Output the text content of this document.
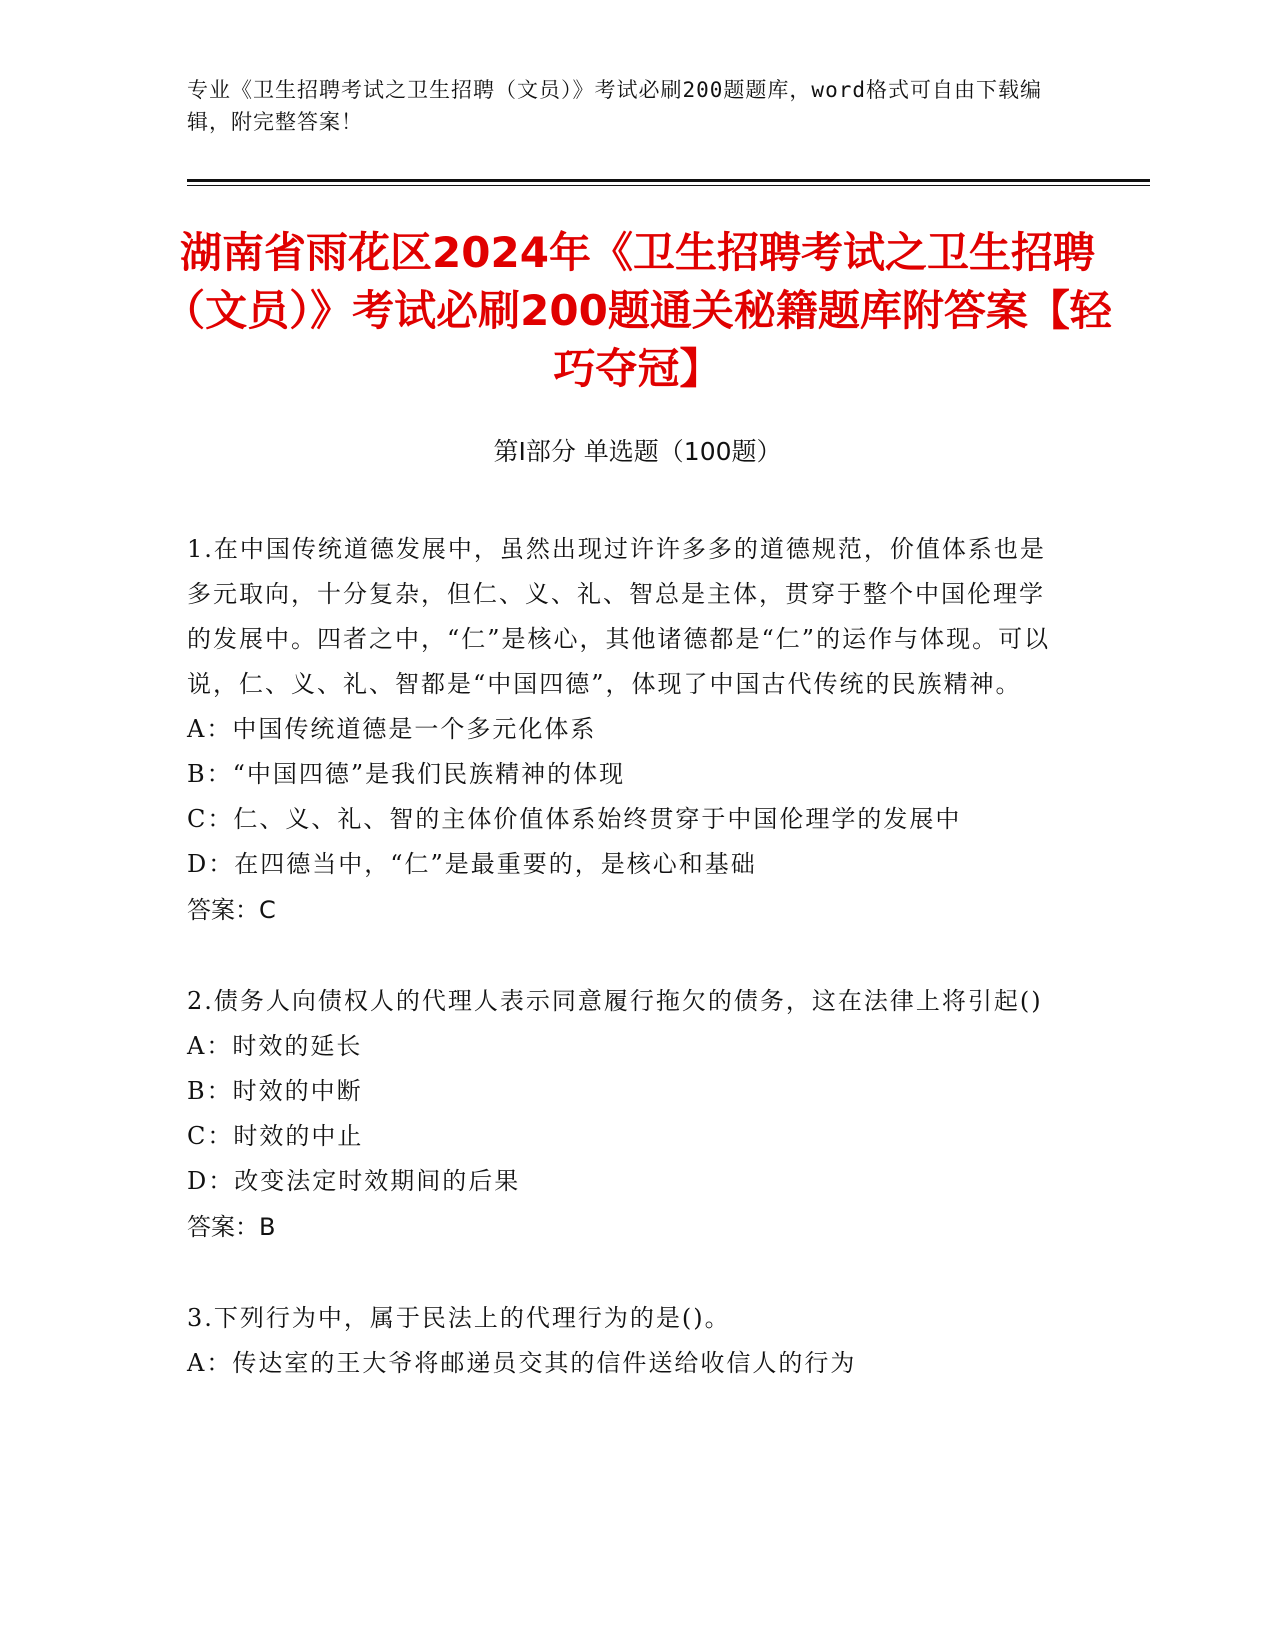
专业《卫生招聘考试之卫生招聘（文员）》考试必刷200题题库，word格式可自由下载编辑，附完整答案！
湖南省雨花区2024年《卫生招聘考试之卫生招聘（文员）》考试必刷200题通关秘籍题库附答案【轻巧夺冠】
第Ⅰ部分 单选题（100题）
1.在中国传统道德发展中，虽然出现过许许多多的道德规范，价值体系也是多元取向，十分复杂，但仁、义、礼、智总是主体，贯穿于整个中国伦理学的发展中。四者之中，“仁”是核心，其他诸德都是“仁”的运作与体现。可以说，仁、义、礼、智都是“中国四德”，体现了中国古代传统的民族精神。
A：中国传统道德是一个多元化体系
B：“中国四德”是我们民族精神的体现
C：仁、义、礼、智的主体价值体系始终贯穿于中国伦理学的发展中
D：在四德当中，“仁”是最重要的，是核心和基础
答案：C
2.债务人向债权人的代理人表示同意履行拖欠的债务，这在法律上将引起()
A：时效的延长
B：时效的中断
C：时效的中止
D：改变法定时效期间的后果
答案：B
3.下列行为中，属于民法上的代理行为的是()。
A：传达室的王大爷将邮递员交其的信件送给收信人的行为
